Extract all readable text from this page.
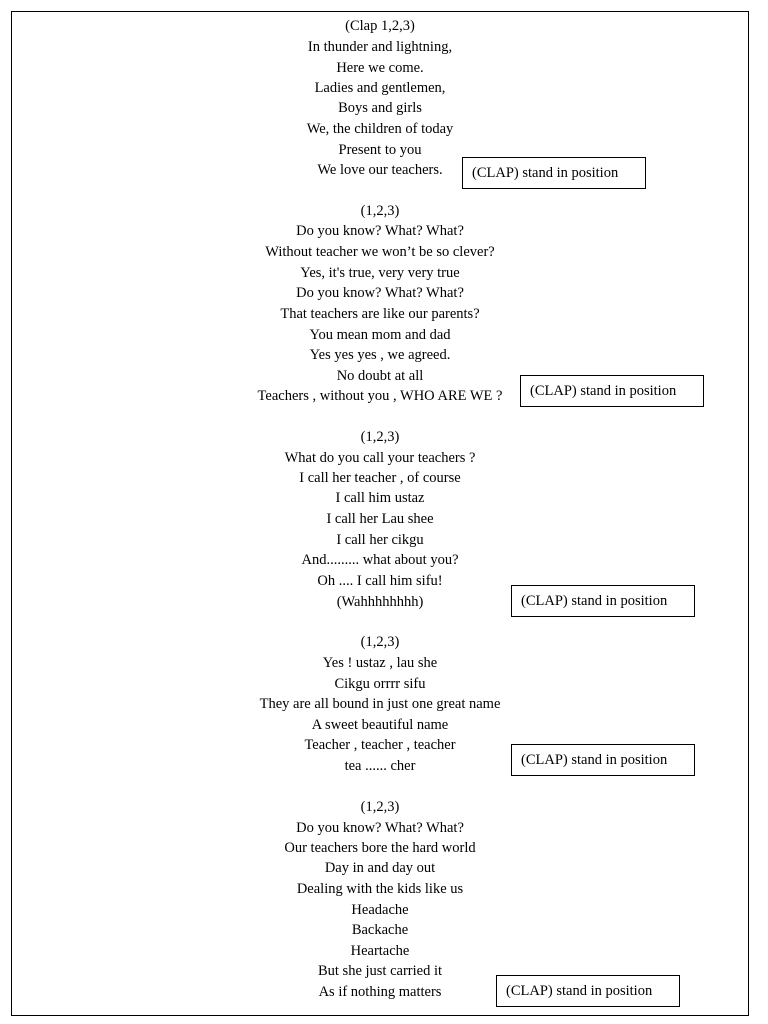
(Clap 1,2,3)
In thunder and lightning,
Here we come.
Ladies and gentlemen,
Boys and girls
We, the children of today
Present to you
We love our teachers.	(CLAP) stand in position
(1,2,3)
Do you know? What? What?
Without teacher we won’t be so clever?
Yes, it's true, very very true
Do you know? What? What?
That teachers are like our parents?
You mean mom and dad
Yes yes yes , we agreed.
No doubt at all
Teachers , without you , WHO ARE WE ?	(CLAP) stand in position
(1,2,3)
What do you call your teachers ?
I call her teacher , of course
I call him ustaz
I call her Lau shee
I call her cikgu
And......... what about you?
Oh .... I call him sifu!
(Wahhhhhhhh)	(CLAP) stand in position
(1,2,3)
Yes ! ustaz , lau she
Cikgu orrrr sifu
They are all bound in just one great name
A sweet beautiful name
Teacher , teacher , teacher
tea ...... cher	(CLAP) stand in position
(1,2,3)
Do you know? What? What?
Our teachers bore the hard world
Day in and day out
Dealing with the kids like us
Headache
Backache
Heartache
But she just carried it
As if nothing matters	(CLAP) stand in position
